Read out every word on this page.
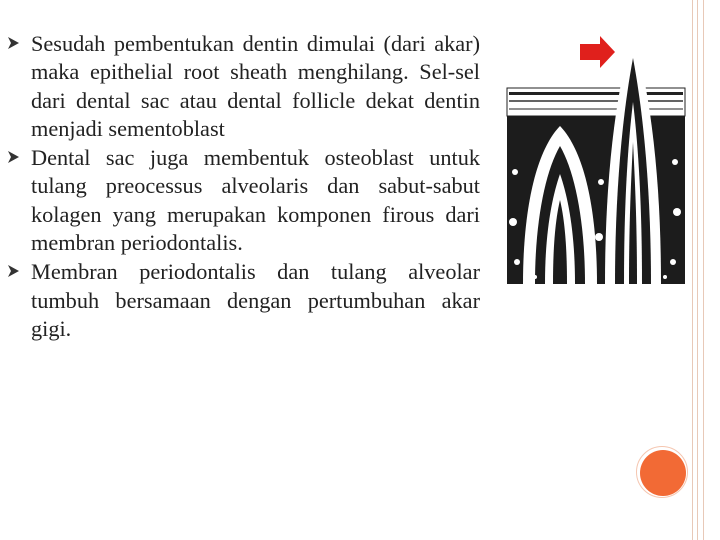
Sesudah pembentukan dentin dimulai (dari akar) maka epithelial root sheath menghilang. Sel-sel dari dental sac atau dental follicle dekat dentin menjadi sementoblast
Dental sac juga membentuk osteoblast untuk tulang preocessus alveolaris dan sabut-sabut kolagen yang merupakan komponen firous dari membran periodontalis.
Membran periodontalis dan tulang alveolar tumbuh bersamaan dengan pertumbuhan akar gigi.
